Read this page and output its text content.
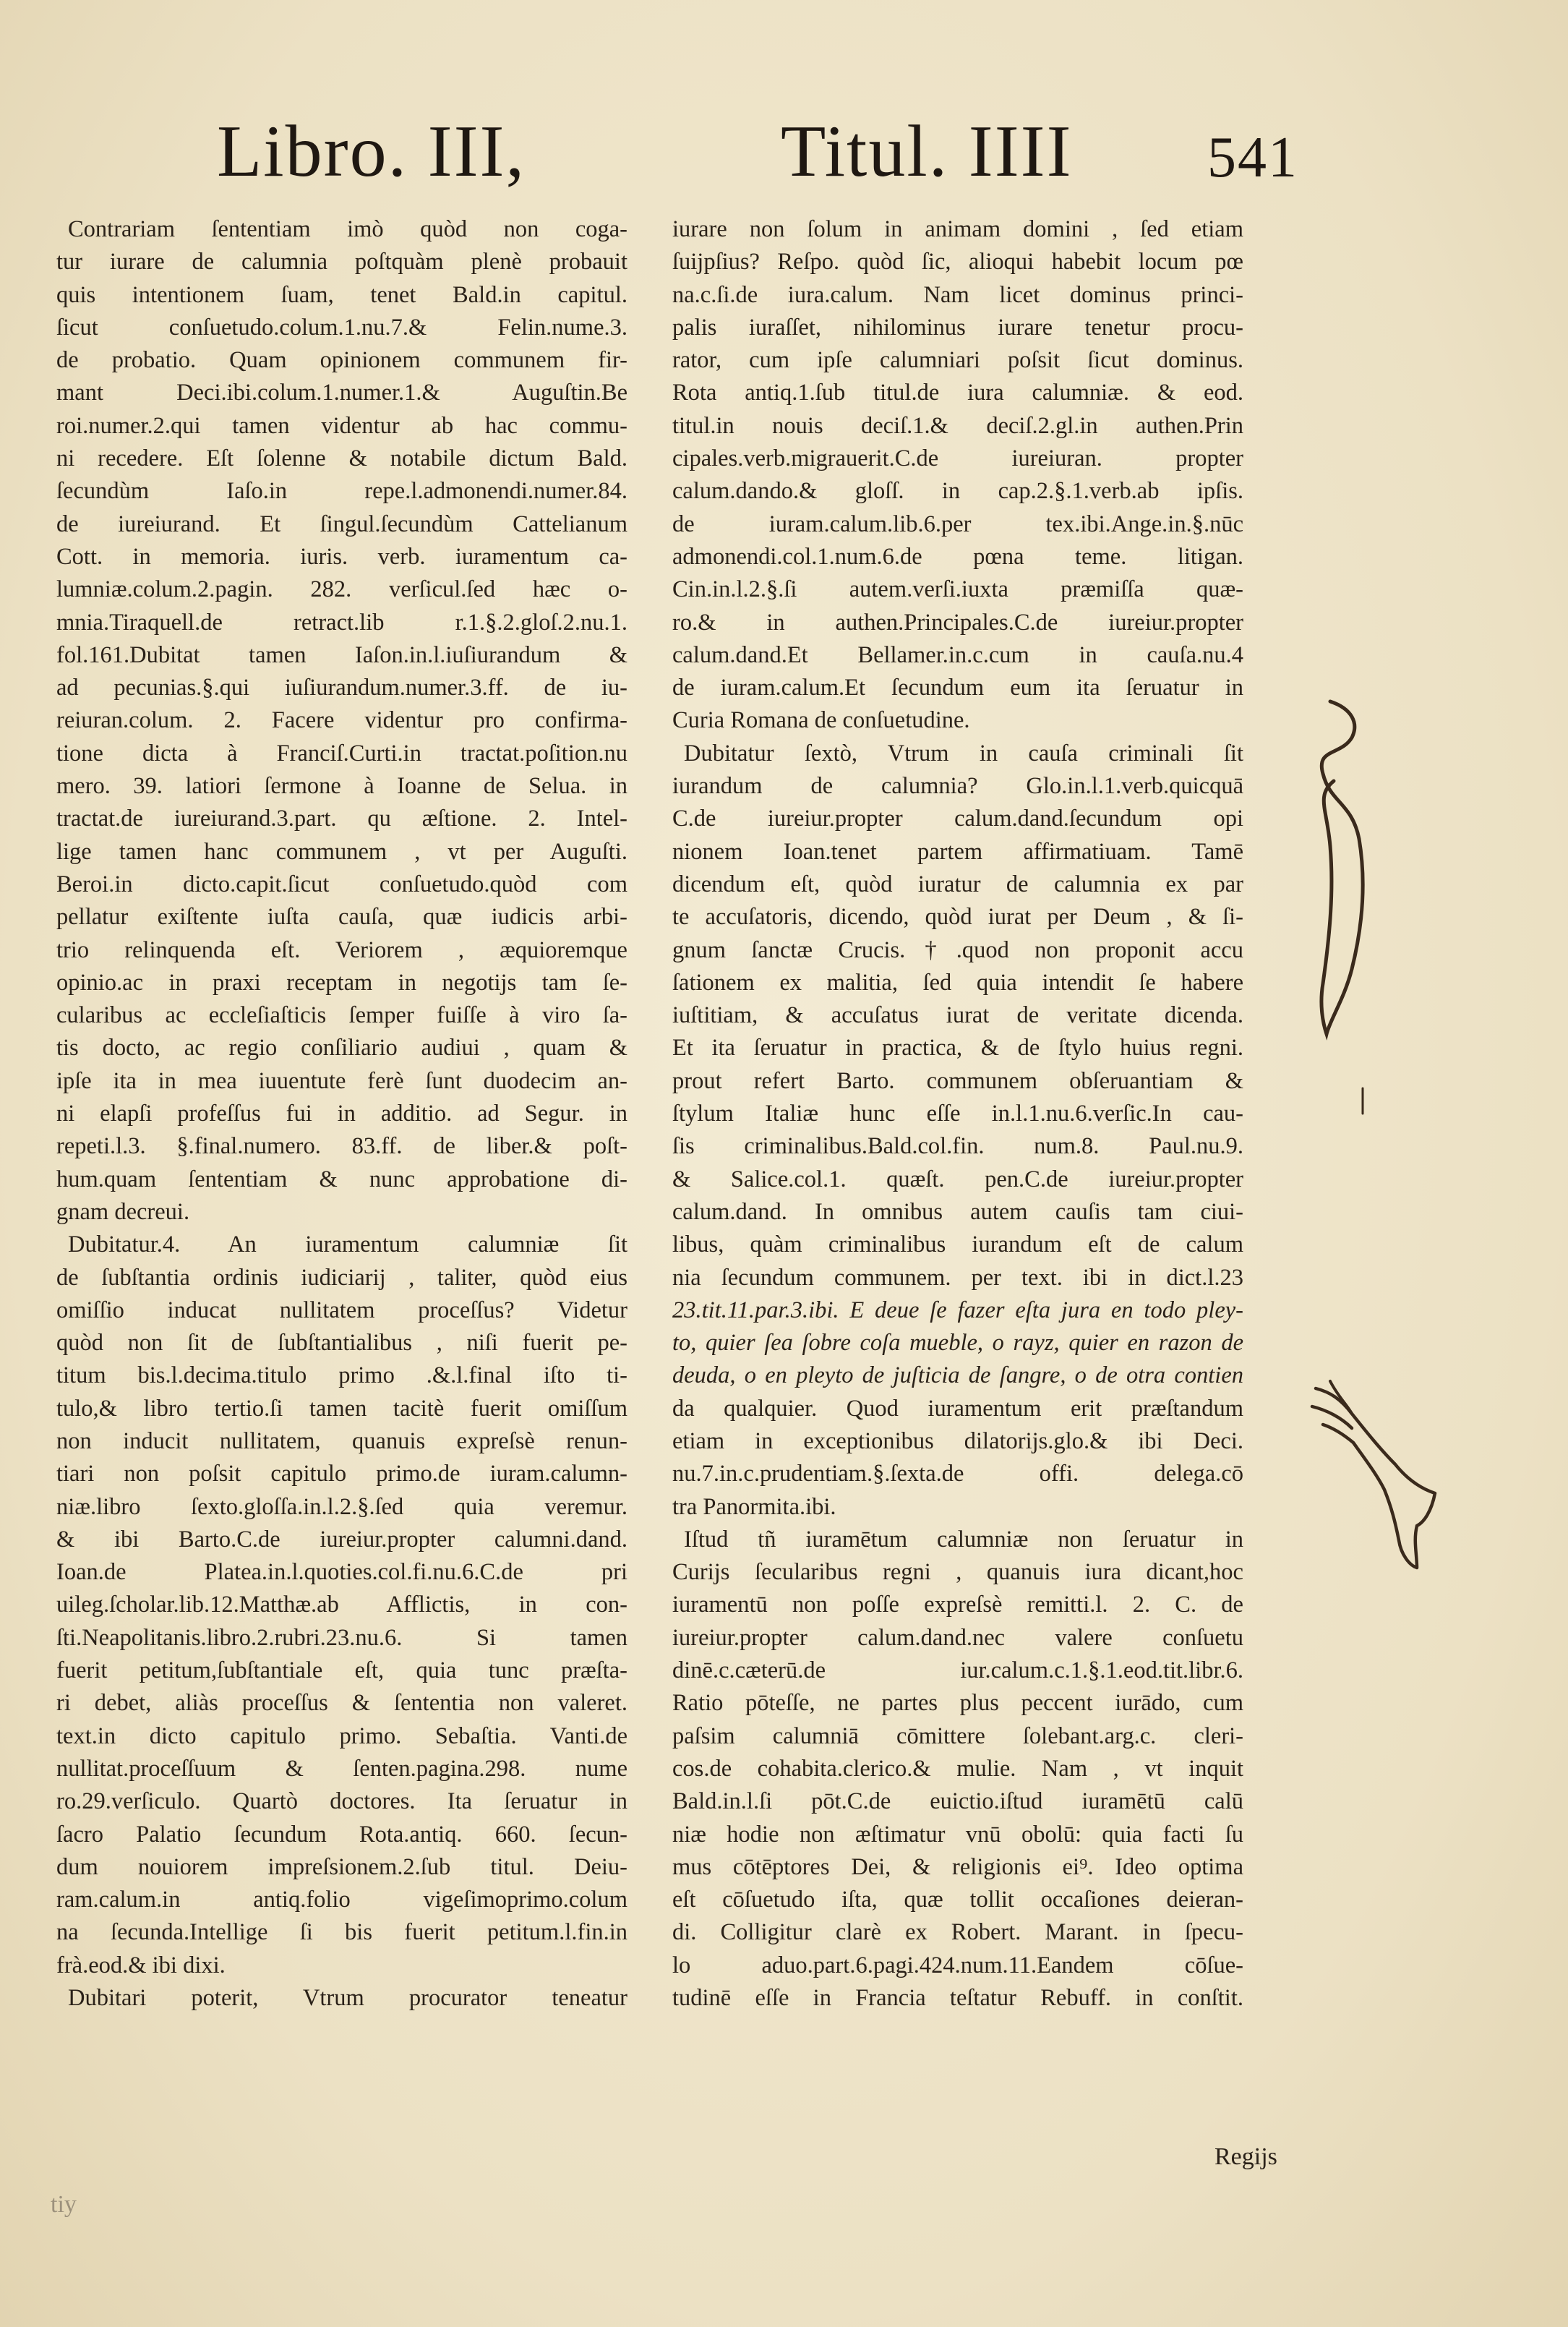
Libro. III,	Titul. IIII 541
Contrariam ſententiam imò quòd non coga-
tur iurare de calumnia poſtquàm plenè probauit
quis intentionem ſuam, tenet Bald.in capitul.
ſicut conſuetudo.colum.1.nu.7.& Felin.nume.3.
de probatio. Quam opinionem communem fir-
mant Deci.ibi.colum.1.numer.1.& Auguſtin.Be
roi.numer.2.qui tamen videntur ab hac commu-
ni recedere. Eſt ſolenne & notabile dictum Bald.
ſecundùm Iaſo.in repe.l.admonendi.numer.84.
de iureiurand. Et ſingul.ſecundùm Cattelianum
Cott. in memoria. iuris. verb. iuramentum ca-
lumniæ.colum.2.pagin. 282. verſicul.ſed hæc o-
mnia.Tiraquell.de retract.lib r.1.§.2.gloſ.2.nu.1.
fol.161.Dubitat tamen Iaſon.in.l.iuſiurandum &
ad pecunias.§.qui iuſiurandum.numer.3.ff. de iu-
reiuran.colum. 2. Facere videntur pro confirma-
tione dicta à Franciſ.Curti.in tractat.poſition.nu
mero. 39. latiori ſermone à Ioanne de Selua. in
tractat.de iureiurand.3.part. qu æſtione. 2. Intel-
lige tamen hanc communem , vt per Auguſti.
Beroi.in dicto.capit.ſicut conſuetudo.quòd com
pellatur exiſtente iuſta cauſa, quæ iudicis arbi-
trio relinquenda eſt. Veriorem , æquioremque
opinio.ac in praxi receptam in negotijs tam ſe-
cularibus ac eccleſiaſticis ſemper fuiſſe à viro ſa-
tis docto, ac regio conſiliario audiui , quam &
ipſe ita in mea iuuentute ferè ſunt duodecim an-
ni elapſi profeſſus fui in additio. ad Segur. in
repeti.l.3. §.final.numero. 83.ff. de liber.& poſt-
hum.quam ſententiam & nunc approbatione di-
gnam decreui.
Dubitatur.4. An iuramentum calumniæ ſit
de ſubſtantia ordinis iudiciarij , taliter, quòd eius
omiſſio inducat nullitatem proceſſus? Videtur
quòd non ſit de ſubſtantialibus , niſi fuerit pe-
titum bis.l.decima.titulo primo .&.l.final iſto ti-
tulo,& libro tertio.ſi tamen tacitè fuerit omiſſum
non inducit nullitatem, quanuis expreſsè renun-
tiari non poſsit capitulo primo.de iuram.calumn-
niæ.libro ſexto.gloſſa.in.l.2.§.ſed quia veremur.
& ibi Barto.C.de iureiur.propter calumni.dand.
Ioan.de Platea.in.l.quoties.col.fi.nu.6.C.de pri
uileg.ſcholar.lib.12.Matthæ.ab Afflictis, in con-
ſti.Neapolitanis.libro.2.rubri.23.nu.6. Si tamen
fuerit petitum,ſubſtantiale eſt, quia tunc præſta-
ri debet, aliàs proceſſus & ſententia non valeret.
text.in dicto capitulo primo. Sebaſtia. Vanti.de
nullitat.proceſſuum & ſenten.pagina.298. nume
ro.29.verſiculo. Quartò doctores. Ita ſeruatur in
ſacro Palatio ſecundum Rota.antiq. 660. ſecun-
dum nouiorem impreſsionem.2.ſub titul. Deiu-
ram.calum.in antiq.folio vigeſimoprimo.colum
na ſecunda.Intellige ſi bis fuerit petitum.l.fin.in
frà.eod.& ibi dixi.
Dubitari poterit, Vtrum procurator teneatur
iurare non ſolum in animam domini , ſed etiam
ſuijpſius? Reſpo. quòd ſic, alioqui habebit locum pœ
na.c.ſi.de iura.calum. Nam licet dominus princi-
palis iuraſſet, nihilominus iurare tenetur procu-
rator, cum ipſe calumniari poſsit ſicut dominus.
Rota antiq.1.ſub titul.de iura calumniæ. & eod.
titul.in nouis deciſ.1.& deciſ.2.gl.in authen.Prin
cipales.verb.migrauerit.C.de iureiuran. propter
calum.dando.& gloſſ. in cap.2.§.1.verb.ab ipſis.
de iuram.calum.lib.6.per tex.ibi.Ange.in.§.nūc
admonendi.col.1.num.6.de pœna teme. litigan.
Cin.in.l.2.§.ſi autem.verſi.iuxta præmiſſa quæ-
ro.& in authen.Principales.C.de iureiur.propter
calum.dand.Et Bellamer.in.c.cum in cauſa.nu.4
de iuram.calum.Et ſecundum eum ita ſeruatur in
Curia Romana de conſuetudine.
Dubitatur ſextò, Vtrum in cauſa criminali ſit
iurandum de calumnia? Glo.in.l.1.verb.quicquā
C.de iureiur.propter calum.dand.ſecundum opi
nionem Ioan.tenet partem affirmatiuam. Tamē
dicendum eſt, quòd iuratur de calumnia ex par
te accuſatoris, dicendo, quòd iurat per Deum , & ſi-
gnum ſanctæ Crucis.†.quod non proponit accu
ſationem ex malitia, ſed quia intendit ſe habere
iuſtitiam, & accuſatus iurat de veritate dicenda.
Et ita ſeruatur in practica, & de ſtylo huius regni.
prout refert Barto. communem obſeruantiam &
ſtylum Italiæ hunc eſſe in.l.1.nu.6.verſic.In cau-
ſis criminalibus.Bald.col.fin. num.8. Paul.nu.9.
& Salice.col.1. quæſt. pen.C.de iureiur.propter
calum.dand. In omnibus autem cauſis tam ciui-
libus, quàm criminalibus iurandum eſt de calum
nia ſecundum communem. per text. ibi in dict.l.23
23.tit.11.par.3.ibi. E deue ſe fazer eſta jura en todo pley-
to, quier ſea ſobre coſa mueble, o rayz, quier en razon de
deuda, o en pleyto de juſticia de ſangre, o de otra contien
da qualquier. Quod iuramentum erit præſtandum
etiam in exceptionibus dilatorijs.glo.& ibi Deci.
nu.7.in.c.prudentiam.§.ſexta.de offi. delega.cō
tra Panormita.ibi.
Iſtud tñ iuramētum calumniæ non ſeruatur in
Curijs ſecularibus regni , quanuis iura dicant,hoc
iuramentū non poſſe expreſsè remitti.l. 2. C. de
iureiur.propter calum.dand.nec valere conſuetu
dinē.c.cæterū.de iur.calum.c.1.§.1.eod.tit.libr.6.
Ratio pōteſſe, ne partes plus peccent iurādo, cum
paſsim calumniā cōmittere ſolebant.arg.c. cleri-
cos.de cohabita.clerico.& mulie. Nam , vt inquit
Bald.in.l.ſi pōt.C.de euictio.iſtud iuramētū calū
niæ hodie non æſtimatur vnū obolū: quia facti ſu
mus cōtēptores Dei, & religionis ei⁹. Ideo optima
eſt cōſuetudo iſta, quæ tollit occaſiones deieran-
di. Colligitur clarè ex Robert. Marant. in ſpecu-
lo aduo.part.6.pagi.424.num.11.Eandem cōſue-
tudinē eſſe in Francia teſtatur Rebuff. in conſtit.
Regijs
tiy
